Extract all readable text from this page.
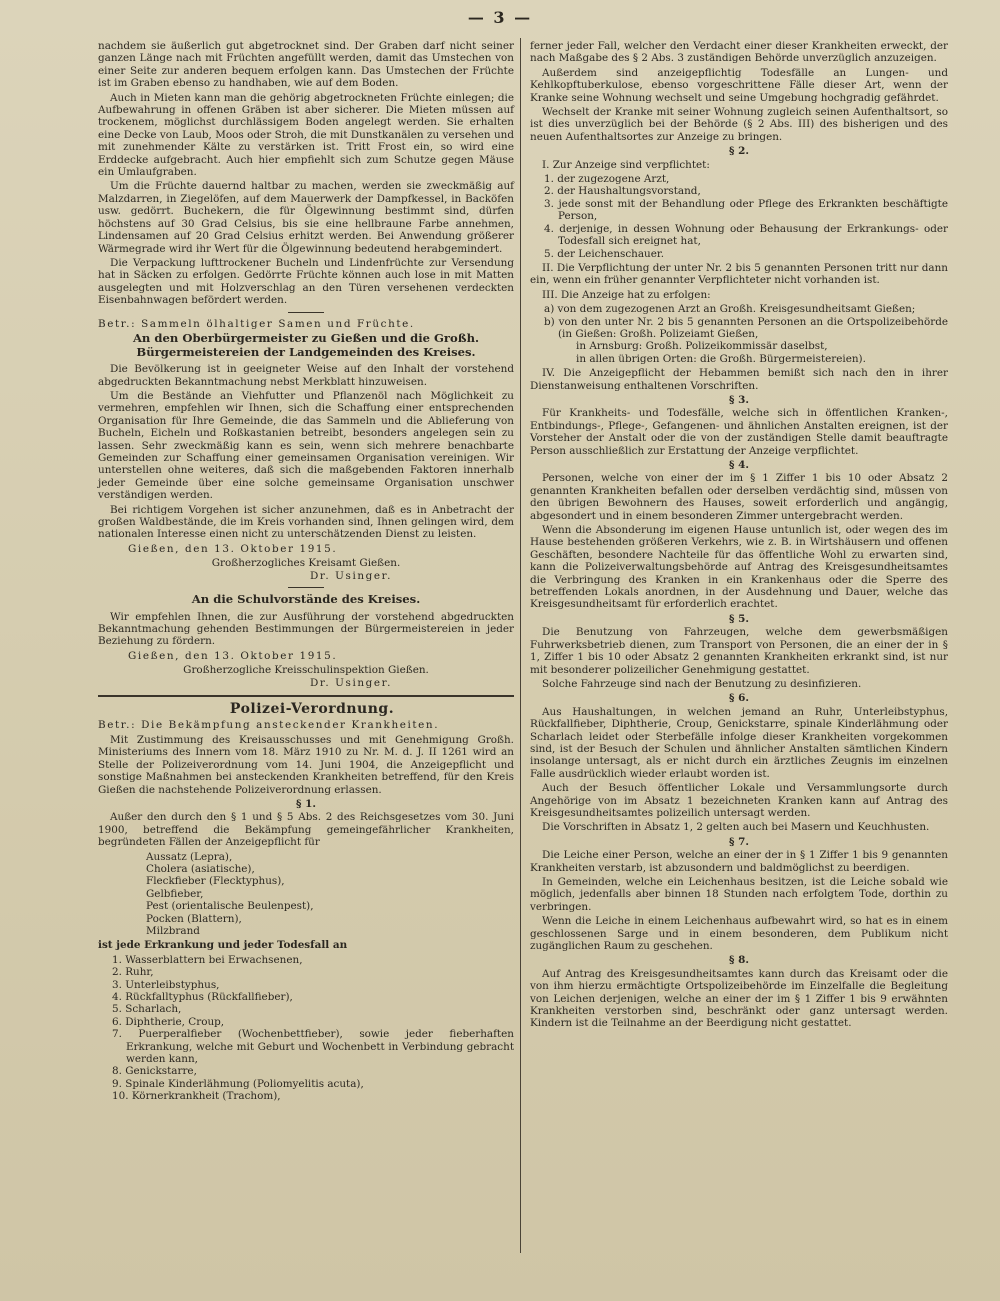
— 3 —

nachdem sie äußerlich gut abgetrocknet sind. Der Graben darf nicht seiner ganzen Länge nach mit Früchten angefüllt werden, damit das Umstechen von einer Seite zur anderen bequem erfolgen kann. Das Umstechen der Früchte ist im Graben ebenso zu handhaben, wie auf dem Boden.

Auch in Mieten kann man die gehörig abgetrockneten Früchte einlegen; die Aufbewahrung in offenen Gräben ist aber sicherer. Die Mieten müssen auf trockenem, möglichst durchlässigem Boden angelegt werden. Sie erhalten eine Decke von Laub, Moos oder Stroh, die mit Dunstkanälen zu versehen und mit zunehmender Kälte zu verstärken ist. Tritt Frost ein, so wird eine Erddecke aufgebracht. Auch hier empfiehlt sich zum Schutze gegen Mäuse ein Umlaufgraben.

Um die Früchte dauernd haltbar zu machen, werden sie zweckmäßig auf Malzdarren, in Ziegelöfen, auf dem Mauerwerk der Dampfkessel, in Backöfen usw. gedörrt. Buchekern, die für Ölgewinnung bestimmt sind, dürfen höchstens auf 30 Grad Celsius, bis sie eine hellbraune Farbe annehmen, Lindensamen auf 20 Grad Celsius erhitzt werden. Bei Anwendung größerer Wärmegrade wird ihr Wert für die Ölgewinnung bedeutend herabgemindert.

Die Verpackung lufttrockener Bucheln und Lindenfrüchte zur Versendung hat in Säcken zu erfolgen. Gedörrte Früchte können auch lose in mit Matten ausgelegten und mit Holzverschlag an den Türen versehenen verdeckten Eisenbahnwagen befördert werden.

Betr.: Sammeln ölhaltiger Samen und Früchte.

An den Oberbürgermeister zu Gießen und die Großh. Bürgermeistereien der Landgemeinden des Kreises.

Die Bevölkerung ist in geeigneter Weise auf den Inhalt der vorstehend abgedruckten Bekanntmachung nebst Merkblatt hinzuweisen.

Um die Bestände an Viehfutter und Pflanzenöl nach Möglichkeit zu vermehren, empfehlen wir Ihnen, sich die Schaffung einer entsprechenden Organisation für Ihre Gemeinde, die das Sammeln und die Ablieferung von Bucheln, Eicheln und Roßkastanien betreibt, besonders angelegen sein zu lassen. Sehr zweckmäßig kann es sein, wenn sich mehrere benachbarte Gemeinden zur Schaffung einer gemeinsamen Organisation vereinigen. Wir unterstellen ohne weiteres, daß sich die maßgebenden Faktoren innerhalb jeder Gemeinde über eine solche gemeinsame Organisation unschwer verständigen werden.

Bei richtigem Vorgehen ist sicher anzunehmen, daß es in Anbetracht der großen Waldbestände, die im Kreis vorhanden sind, Ihnen gelingen wird, dem nationalen Interesse einen nicht zu unterschätzenden Dienst zu leisten.

Gießen, den 13. Oktober 1915.

Großherzogliches Kreisamt Gießen.

Dr. Usinger.

An die Schulvorstände des Kreises.

Wir empfehlen Ihnen, die zur Ausführung der vorstehend abgedruckten Bekanntmachung gehenden Bestimmungen der Bürgermeistereien in jeder Beziehung zu fördern.

Gießen, den 13. Oktober 1915.

Großherzogliche Kreisschulinspektion Gießen.

Dr. Usinger.

Polizei-Verordnung.

Betr.: Die Bekämpfung ansteckender Krankheiten.

Mit Zustimmung des Kreisausschusses und mit Genehmigung Großh. Ministeriums des Innern vom 18. März 1910 zu Nr. M. d. J. II 1261 wird an Stelle der Polizeiverordnung vom 14. Juni 1904, die Anzeigepflicht und sonstige Maßnahmen bei ansteckenden Krankheiten betreffend, für den Kreis Gießen die nachstehende Polizeiverordnung erlassen.

§ 1.

Außer den durch den § 1 und § 5 Abs. 2 des Reichsgesetzes vom 30. Juni 1900, betreffend die Bekämpfung gemeingefährlicher Krankheiten, begründeten Fällen der Anzeigepflicht für

Aussatz (Lepra),
Cholera (asiatische),
Fleckfieber (Flecktyphus),
Gelbfieber,
Pest (orientalische Beulenpest),
Pocken (Blattern),
Milzbrand

ist jede Erkrankung und jeder Todesfall an

1. Wasserblattern bei Erwachsenen,
2. Ruhr,
3. Unterleibstyphus,
4. Rückfalltyphus (Rückfallfieber),
5. Scharlach,
6. Diphtherie, Croup,
7. Puerperalfieber (Wochenbettfieber), sowie jeder fieberhaften Erkrankung, welche mit Geburt und Wochenbett in Verbindung gebracht werden kann,
8. Genickstarre,
9. Spinale Kinderlähmung (Poliomyelitis acuta),
10. Körnerkrankheit (Trachom),

ferner jeder Fall, welcher den Verdacht einer dieser Krankheiten erweckt, der nach Maßgabe des § 2 Abs. 3 zuständigen Behörde unverzüglich anzuzeigen.

Außerdem sind anzeigepflichtig Todesfälle an Lungen- und Kehlkopftuberkulose, ebenso vorgeschrittene Fälle dieser Art, wenn der Kranke seine Wohnung wechselt und seine Umgebung hochgradig gefährdet.

Wechselt der Kranke mit seiner Wohnung zugleich seinen Aufenthaltsort, so ist dies unverzüglich bei der Behörde (§ 2 Abs. III) des bisherigen und des neuen Aufenthaltsortes zur Anzeige zu bringen.

§ 2.

I. Zur Anzeige sind verpflichtet:

1. der zugezogene Arzt,
2. der Haushaltungsvorstand,
3. jede sonst mit der Behandlung oder Pflege des Erkrankten beschäftigte Person,
4. derjenige, in dessen Wohnung oder Behausung der Erkrankungs- oder Todesfall sich ereignet hat,
5. der Leichenschauer.

II. Die Verpflichtung der unter Nr. 2 bis 5 genannten Personen tritt nur dann ein, wenn ein früher genannter Verpflichteter nicht vorhanden ist.

III. Die Anzeige hat zu erfolgen:

a) von dem zugezogenen Arzt an Großh. Kreisgesundheitsamt Gießen;
b) von den unter Nr. 2 bis 5 genannten Personen an die Ortspolizeibehörde (in Gießen: Großh. Polizeiamt Gießen,
in Arnsburg: Großh. Polizeikommissär daselbst,
in allen übrigen Orten: die Großh. Bürgermeistereien).

IV. Die Anzeigepflicht der Hebammen bemißt sich nach den in ihrer Dienstanweisung enthaltenen Vorschriften.

§ 3.

Für Krankheits- und Todesfälle, welche sich in öffentlichen Kranken-, Entbindungs-, Pflege-, Gefangenen- und ähnlichen Anstalten ereignen, ist der Vorsteher der Anstalt oder die von der zuständigen Stelle damit beauftragte Person ausschließlich zur Erstattung der Anzeige verpflichtet.

§ 4.

Personen, welche von einer der im § 1 Ziffer 1 bis 10 oder Absatz 2 genannten Krankheiten befallen oder derselben verdächtig sind, müssen von den übrigen Bewohnern des Hauses, soweit erforderlich und angängig, abgesondert und in einem besonderen Zimmer untergebracht werden.

Wenn die Absonderung im eigenen Hause untunlich ist, oder wegen des im Hause bestehenden größeren Verkehrs, wie z. B. in Wirtshäusern und offenen Geschäften, besondere Nachteile für das öffentliche Wohl zu erwarten sind, kann die Polizeiverwaltungsbehörde auf Antrag des Kreisgesundheitsamtes die Verbringung des Kranken in ein Krankenhaus oder die Sperre des betreffenden Lokals anordnen, in der Ausdehnung und Dauer, welche das Kreisgesundheitsamt für erforderlich erachtet.

§ 5.

Die Benutzung von Fahrzeugen, welche dem gewerbsmäßigen Fuhrwerksbetrieb dienen, zum Transport von Personen, die an einer der in § 1, Ziffer 1 bis 10 oder Absatz 2 genannten Krankheiten erkrankt sind, ist nur mit besonderer polizeilicher Genehmigung gestattet.

Solche Fahrzeuge sind nach der Benutzung zu desinfizieren.

§ 6.

Aus Haushaltungen, in welchen jemand an Ruhr, Unterleibstyphus, Rückfallfieber, Diphtherie, Croup, Genickstarre, spinale Kinderlähmung oder Scharlach leidet oder Sterbefälle infolge dieser Krankheiten vorgekommen sind, ist der Besuch der Schulen und ähnlicher Anstalten sämtlichen Kindern insolange untersagt, als er nicht durch ein ärztliches Zeugnis im einzelnen Falle ausdrücklich wieder erlaubt worden ist.

Auch der Besuch öffentlicher Lokale und Versammlungsorte durch Angehörige von im Absatz 1 bezeichneten Kranken kann auf Antrag des Kreisgesundheitsamtes polizeilich untersagt werden.

Die Vorschriften in Absatz 1, 2 gelten auch bei Masern und Keuchhusten.

§ 7.

Die Leiche einer Person, welche an einer der in § 1 Ziffer 1 bis 9 genannten Krankheiten verstarb, ist abzusondern und baldmöglichst zu beerdigen.

In Gemeinden, welche ein Leichenhaus besitzen, ist die Leiche sobald wie möglich, jedenfalls aber binnen 18 Stunden nach erfolgtem Tode, dorthin zu verbringen.

Wenn die Leiche in einem Leichenhaus aufbewahrt wird, so hat es in einem geschlossenen Sarge und in einem besonderen, dem Publikum nicht zugänglichen Raum zu geschehen.

§ 8.

Auf Antrag des Kreisgesundheitsamtes kann durch das Kreisamt oder die von ihm hierzu ermächtigte Ortspolizeibehörde im Einzelfalle die Begleitung von Leichen derjenigen, welche an einer der im § 1 Ziffer 1 bis 9 erwähnten Krankheiten verstorben sind, beschränkt oder ganz untersagt werden. Kindern ist die Teilnahme an der Beerdigung nicht gestattet.
